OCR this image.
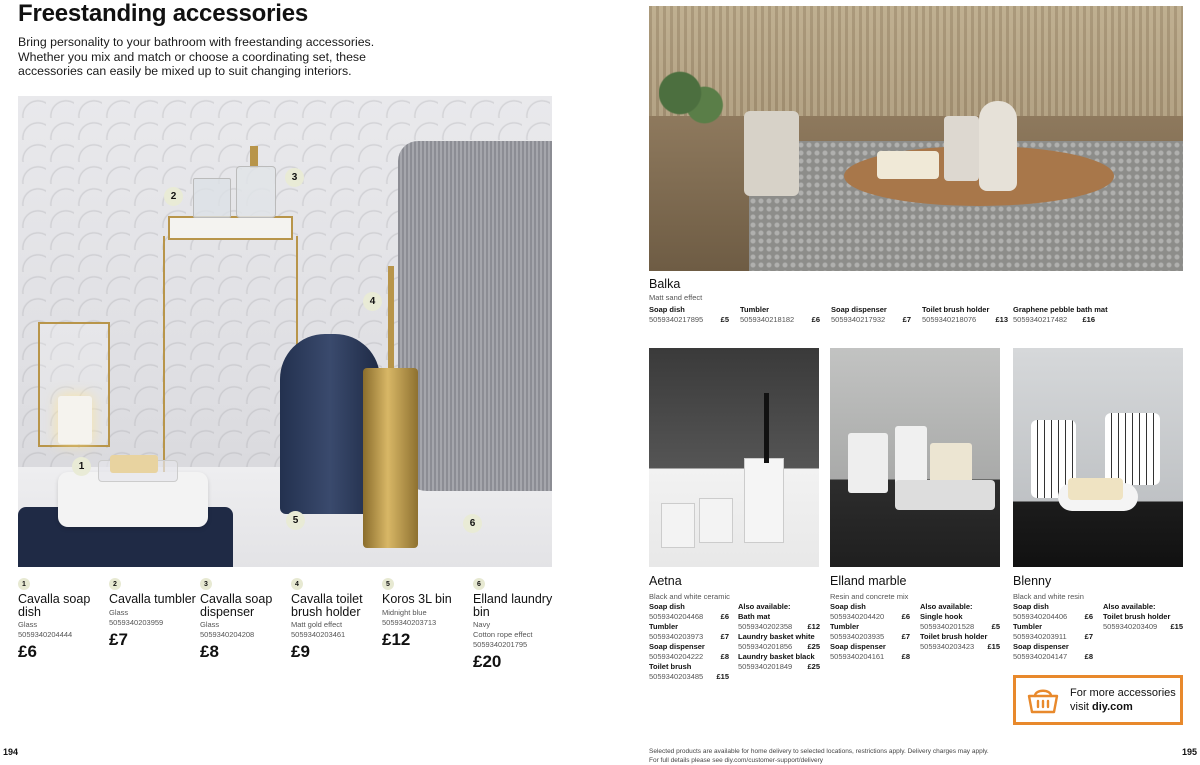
Freestanding accessories

Bring personality to your bathroom with freestanding accessories. Whether you mix and match or choose a coordinating set, these accessories can easily be mixed up to suit changing interiors.

1
2
3
4
5	6
1
Cavalla soap dish
Glass
5059340204444
£6
2
Cavalla tumbler
Glass
5059340203959
£7
3
Cavalla soap dispenser
Glass
5059340204208
£8
4
Cavalla toilet brush holder
Matt gold effect
5059340203461
£9
5
Koros 3L bin
Midnight blue
5059340203713
£12
6
Elland laundry bin
Navy
Cotton rope effect
5059340201795
£20
194
Balka
Matt sand effect
Soap dish
5059340217895 £5
Tumbler
5059340218182 £6
Soap dispenser
5059340217932 £7
Toilet brush holder
5059340218076	£13
Graphene pebble bath mat
5059340217482 £16
Aetna
Black and white ceramic
Soap dish
5059340204468 £6
Tumbler
5059340203973 £7
Soap dispenser
5059340204222 £8
Toilet brush
5059340203485 £15
Also available:
Bath mat
5059340202358 £12
Laundry basket white
5059340201856 £25
Laundry basket black
5059340201849 £25
Elland marble
Resin and concrete mix
Soap dish
5059340204420 £6
Tumbler
5059340203935 £7
Soap dispenser
5059340204161 £8
Also available:
Single hook
5059340201528 £5
Toilet brush holder
5059340203423 £15
Blenny
Black and white resin
Soap dish
5059340204406 £6
Tumbler
5059340203911 £7
Soap dispenser
5059340204147 £8
Also available:
Toilet brush holder
5059340203409 £15
For more accessories
visit diy.com
Selected products are available for home delivery to selected locations, restrictions apply. Delivery charges may apply.
For full details please see diy.com/customer-support/delivery
195
